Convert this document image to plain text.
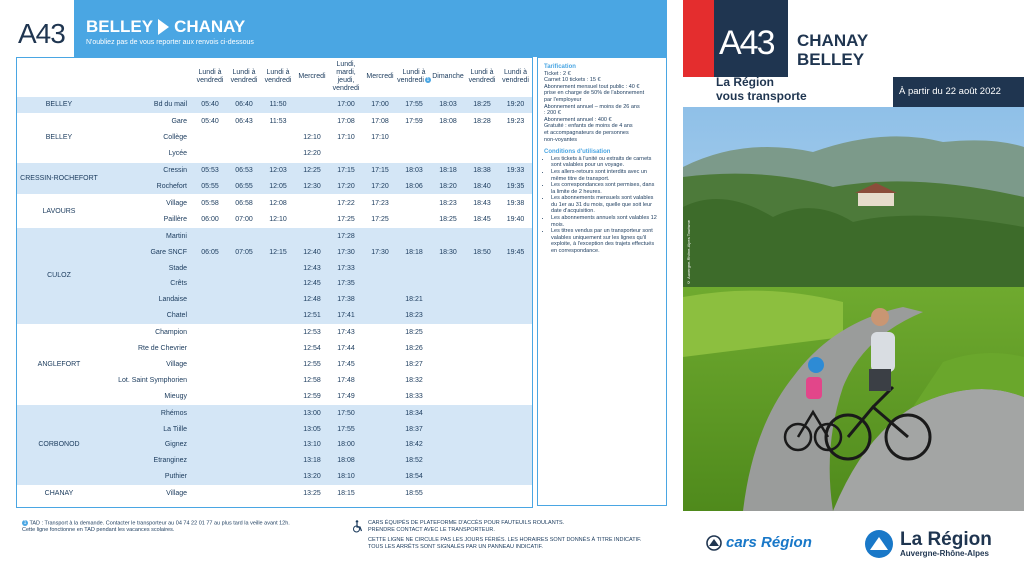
A43 BELLEY CHANAY
N'oubliez pas de vous reporter aux renvois ci-dessous
		Lundi à vendredi	Lundi à vendredi	Lundi à vendredi	Mercredi	Lundi, mardi, jeudi, vendredi	Mercredi	Lundi à vendredi 1	Dimanche	Lundi à vendredi	Lundi à vendredi
BELLEY	Bd du mail	05:40	06:40	11:50		17:00	17:00	17:55	18:03	18:25	19:20
BELLEY	Gare	05:40	06:43	11:53		17:08	17:08	17:59	18:08	18:28	19:23
	Collège				12:10	17:10	17:10				
	Lycée				12:20						
CRESSIN-ROCHEFORT	Cressin	05:53	06:53	12:03	12:25	17:15	17:15	18:03	18:18	18:38	19:33
	Rochefort	05:55	06:55	12:05	12:30	17:20	17:20	18:06	18:20	18:40	19:35
LAVOURS	Village	05:58	06:58	12:08		17:22	17:23		18:23	18:43	19:38
	Paillère	06:00	07:00	12:10		17:25	17:25		18:25	18:45	19:40
CULOZ	Martini					17:28					
	Gare SNCF	06:05	07:05	12:15	12:40	17:30	17:30	18:18	18:30	18:50	19:45
	Stade				12:43	17:33					
	Crêts				12:45	17:35					
	Landaise				12:48	17:38		18:21			
	Chatel				12:51	17:41		18:23			
ANGLEFORT	Champion				12:53	17:43		18:25			
	Rte de Chevrier				12:54	17:44		18:26			
	Village				12:55	17:45		18:27			
	Lot. Saint Symphorien				12:58	17:48		18:32			
	Mieugy				12:59	17:49		18:33			
CORBONOD	Rhémos				13:00	17:50		18:34			
	La Tiille				13:05	17:55		18:37			
	Gignez				13:10	18:00		18:42			
	Etranginez				13:18	18:08		18:52			
	Puthier				13:20	18:10		18:54			
CHANAY	Village				13:25	18:15		18:55			
Tarification
Ticket : 2 €
Carnet 10 tickets : 15 €
Abonnement mensuel tout public : 40 €
prise en charge de 50% de l'abonnement
par l'employeur
Abonnement annuel – moins de 26 ans
: 200 €
Abonnement annuel : 400 €
Gratuité : enfants de moins de 4 ans
et accompagnateurs de personnes
non-voyantes
Conditions d'utilisation
• Les tickets à l'unité ou extraits de carnets sont valables pour un voyage.
• Les allers-retours sont interdits avec un même titre de transport.
• Les correspondances sont permises, dans la limite de 2 heures.
• Les abonnements mensuels sont valables du 1er au 31 du mois, quelle que soit leur date d'acquisition.
• Les abonnements annuels sont valables 12 mois.
• Les titres vendus par un transporteur sont valables uniquement sur les lignes qu'il exploite, à l'exception des trajets effectués en correspondance.
1 TAD : Transport à la demande. Contacter le transporteur au 04 74 22 01 77 au plus tard la veille avant 12h.
Cette ligne fonctionne en TAD pendant les vacances scolaires.
CARS ÉQUIPÉS DE PLATEFORME D'ACCÈS POUR FAUTEUILS ROULANTS.
PRENDRE CONTACT AVEC LE TRANSPORTEUR.
CETTE LIGNE NE CIRCULE PAS LES JOURS FÉRIÉS. LES HORAIRES SONT DONNÉS À TITRE INDICATIF.
TOUS LES ARRÊTS SONT SIGNALÉS PAR UN PANNEAU INDICATIF.
A43 CHANAY
BELLEY
La Région
vous transporte	À partir du 22 août 2022
© Auvergne-Rhône-Alpes Tourisme
cars Région	La Région
Auvergne-Rhône-Alpes
